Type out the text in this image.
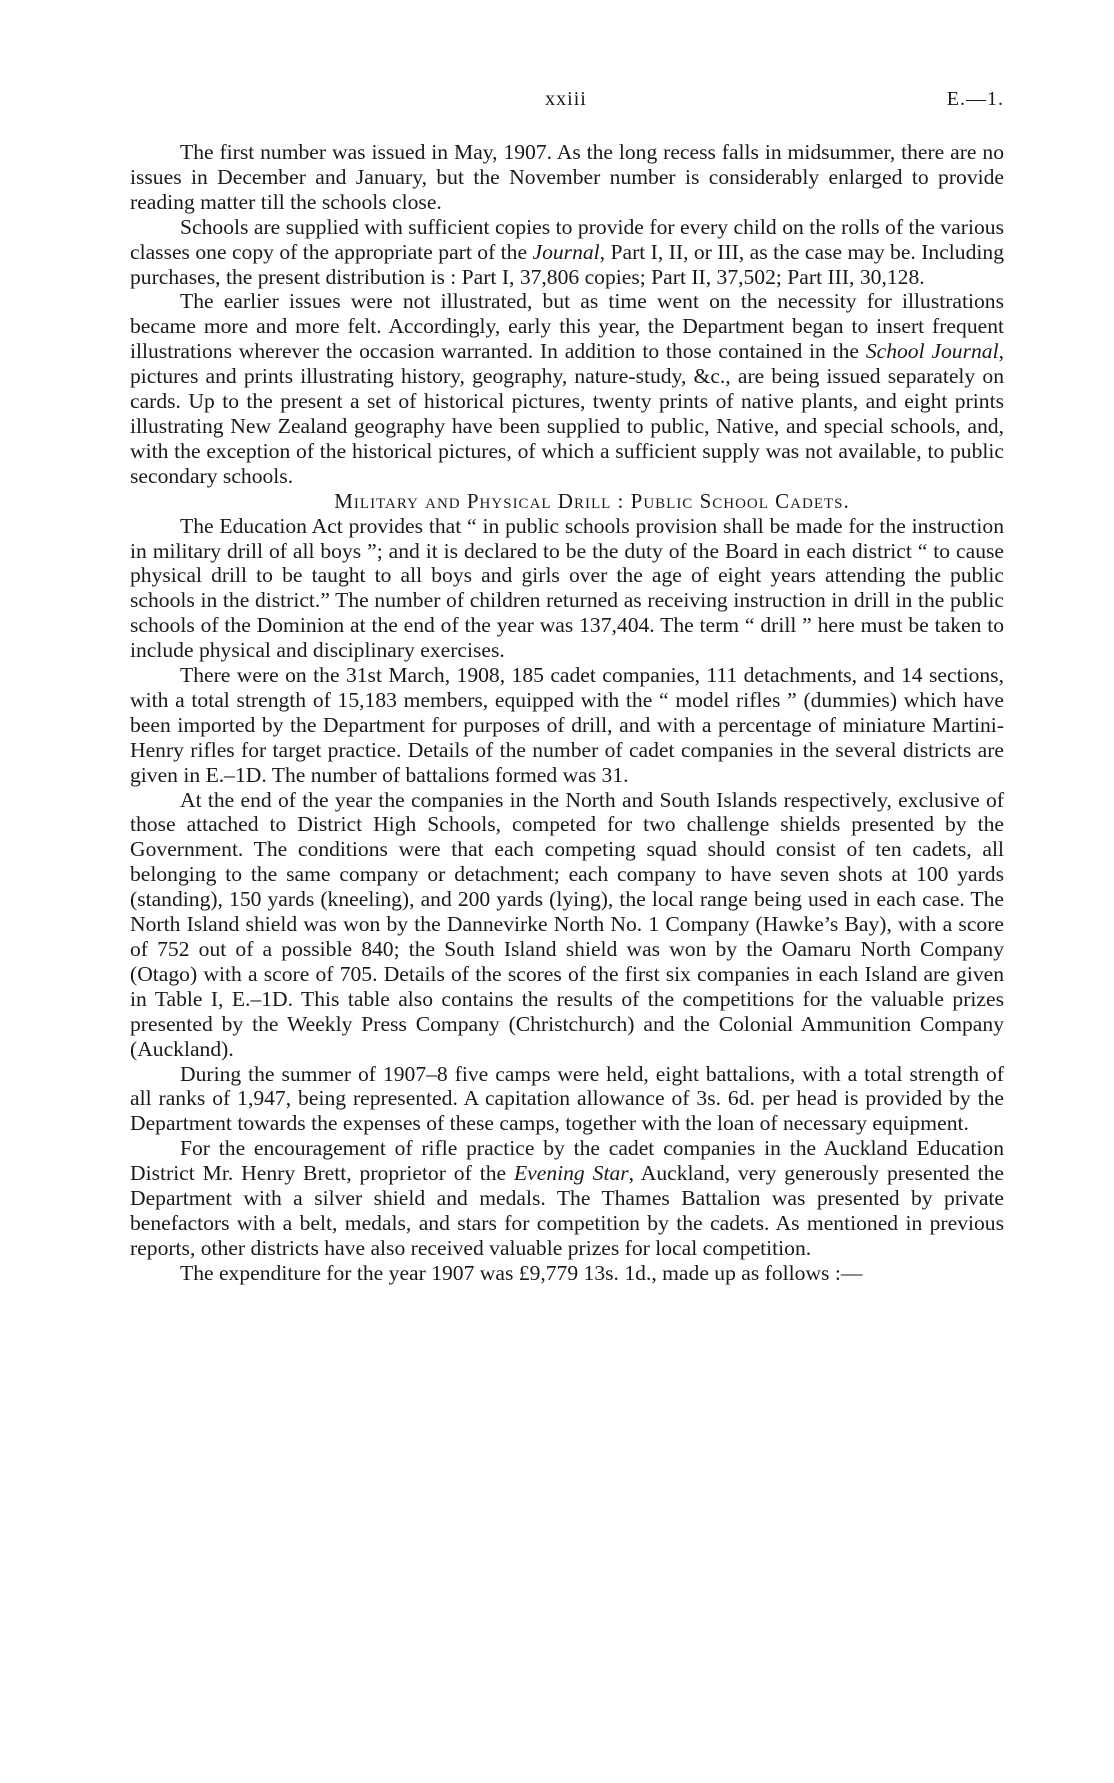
xxiii	E.—1.

The first number was issued in May, 1907. As the long recess falls in midsummer, there are no issues in December and January, but the November number is considerably enlarged to provide reading matter till the schools close.

Schools are supplied with sufficient copies to provide for every child on the rolls of the various classes one copy of the appropriate part of the Journal, Part I, II, or III, as the case may be. Including purchases, the present distribution is : Part I, 37,806 copies; Part II, 37,502; Part III, 30,128.

The earlier issues were not illustrated, but as time went on the necessity for illustrations became more and more felt. Accordingly, early this year, the Department began to insert frequent illustrations wherever the occasion warranted. In addition to those contained in the School Journal, pictures and prints illustrating history, geography, nature-study, &c., are being issued separately on cards. Up to the present a set of historical pictures, twenty prints of native plants, and eight prints illustrating New Zealand geography have been supplied to public, Native, and special schools, and, with the exception of the historical pictures, of which a sufficient supply was not available, to public secondary schools.

Military and Physical Drill : Public School Cadets.

The Education Act provides that “ in public schools provision shall be made for the instruction in military drill of all boys ”; and it is declared to be the duty of the Board in each district “ to cause physical drill to be taught to all boys and girls over the age of eight years attending the public schools in the district.” The number of children returned as receiving instruction in drill in the public schools of the Dominion at the end of the year was 137,404. The term “ drill ” here must be taken to include physical and disciplinary exercises.

There were on the 31st March, 1908, 185 cadet companies, 111 detachments, and 14 sections, with a total strength of 15,183 members, equipped with the “ model rifles ” (dummies) which have been imported by the Department for purposes of drill, and with a percentage of miniature Martini-Henry rifles for target practice. Details of the number of cadet companies in the several districts are given in E.–1D. The number of battalions formed was 31.

At the end of the year the companies in the North and South Islands respectively, exclusive of those attached to District High Schools, competed for two challenge shields presented by the Government. The conditions were that each competing squad should consist of ten cadets, all belonging to the same company or detachment; each company to have seven shots at 100 yards (standing), 150 yards (kneeling), and 200 yards (lying), the local range being used in each case. The North Island shield was won by the Dannevirke North No. 1 Company (Hawke’s Bay), with a score of 752 out of a possible 840; the South Island shield was won by the Oamaru North Company (Otago) with a score of 705. Details of the scores of the first six companies in each Island are given in Table I, E.–1D. This table also contains the results of the competitions for the valuable prizes presented by the Weekly Press Company (Christchurch) and the Colonial Ammunition Company (Auckland).

During the summer of 1907–8 five camps were held, eight battalions, with a total strength of all ranks of 1,947, being represented. A capitation allowance of 3s. 6d. per head is provided by the Department towards the expenses of these camps, together with the loan of necessary equipment.

For the encouragement of rifle practice by the cadet companies in the Auckland Education District Mr. Henry Brett, proprietor of the Evening Star, Auckland, very generously presented the Department with a silver shield and medals. The Thames Battalion was presented by private benefactors with a belt, medals, and stars for competition by the cadets. As mentioned in previous reports, other districts have also received valuable prizes for local competition.

The expenditure for the year 1907 was £9,779 13s. 1d., made up as follows :—
